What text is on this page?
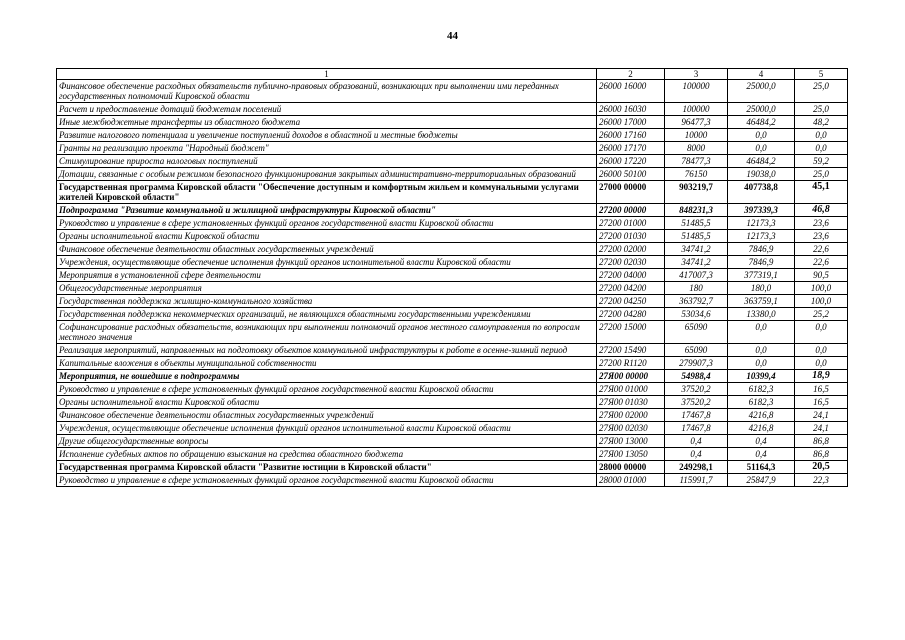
44
1	2	3	4	5
Финансовое обеспечение расходных обязательств публично-правовых образований, возникающих при выполнении ими переданных государственных полномочий Кировской области	26000 16000	100000	25000,0	25,0
Расчет и предоставление дотаций бюджетам поселений	26000 16030	100000	25000,0	25,0
Иные межбюджетные трансферты из областного бюджета	26000 17000	96477,3	46484,2	48,2
Развитие налогового потенциала и увеличение поступлений доходов в областной и местные бюджеты	26000 17160	10000	0,0	0,0
Гранты на реализацию проекта "Народный бюджет"	26000 17170	8000	0,0	0,0
Стимулирование прироста налоговых поступлений	26000 17220	78477,3	46484,2	59,2
Дотации, связанные с особым режимом безопасного функционирования закрытых административно-территориальных образований	26000 50100	76150	19038,0	25,0
Государственная программа Кировской области "Обеспечение доступным и комфортным жильем и коммунальными услугами жителей Кировской области"	27000 00000	903219,7	407738,8	45,1
Подпрограмма "Развитие коммунальной и жилищной инфраструктуры Кировской области"	27200 00000	848231,3	397339,3	46,8
Руководство и управление в сфере установленных функций органов государственной власти Кировской области	27200 01000	51485,5	12173,3	23,6
Органы исполнительной власти Кировской области	27200 01030	51485,5	12173,3	23,6
Финансовое обеспечение деятельности областных государственных учреждений	27200 02000	34741,2	7846,9	22,6
Учреждения, осуществляющие обеспечение исполнения функций органов исполнительной власти Кировской области	27200 02030	34741,2	7846,9	22,6
Мероприятия в установленной сфере деятельности	27200 04000	417007,3	377319,1	90,5
Общегосударственные мероприятия	27200 04200	180	180,0	100,0
Государственная поддержка жилищно-коммунального хозяйства	27200 04250	363792,7	363759,1	100,0
Государственная поддержка некоммерческих организаций, не являющихся областными государственными учреждениями	27200 04280	53034,6	13380,0	25,2
Софинансирование расходных обязательств, возникающих при выполнении полномочий органов местного самоуправления по вопросам местного значения	27200 15000	65090	0,0	0,0
Реализация мероприятий, направленных на подготовку объектов коммунальной инфраструктуры к работе в осенне-зимний период	27200 15490	65090	0,0	0,0
Капитальные вложения в объекты муниципальной собственности	27200 R1120	279907,3	0,0	0,0
Мероприятия, не вошедшие в подпрограммы	27Я00 00000	54988,4	10399,4	18,9
Руководство и управление в сфере установленных функций органов государственной власти Кировской области	27Я00 01000	37520,2	6182,3	16,5
Органы исполнительной власти Кировской области	27Я00 01030	37520,2	6182,3	16,5
Финансовое обеспечение деятельности областных государственных учреждений	27Я00 02000	17467,8	4216,8	24,1
Учреждения, осуществляющие обеспечение исполнения функций органов исполнительной власти Кировской области	27Я00 02030	17467,8	4216,8	24,1
Другие общегосударственные вопросы	27Я00 13000	0,4	0,4	86,8
Исполнение судебных актов по обращению взыскания на средства областного бюджета	27Я00 13050	0,4	0,4	86,8
Государственная программа Кировской области "Развитие юстиции в Кировской области"	28000 00000	249298,1	51164,3	20,5
Руководство и управление в сфере установленных функций органов государственной власти Кировской области	28000 01000	115991,7	25847,9	22,3
